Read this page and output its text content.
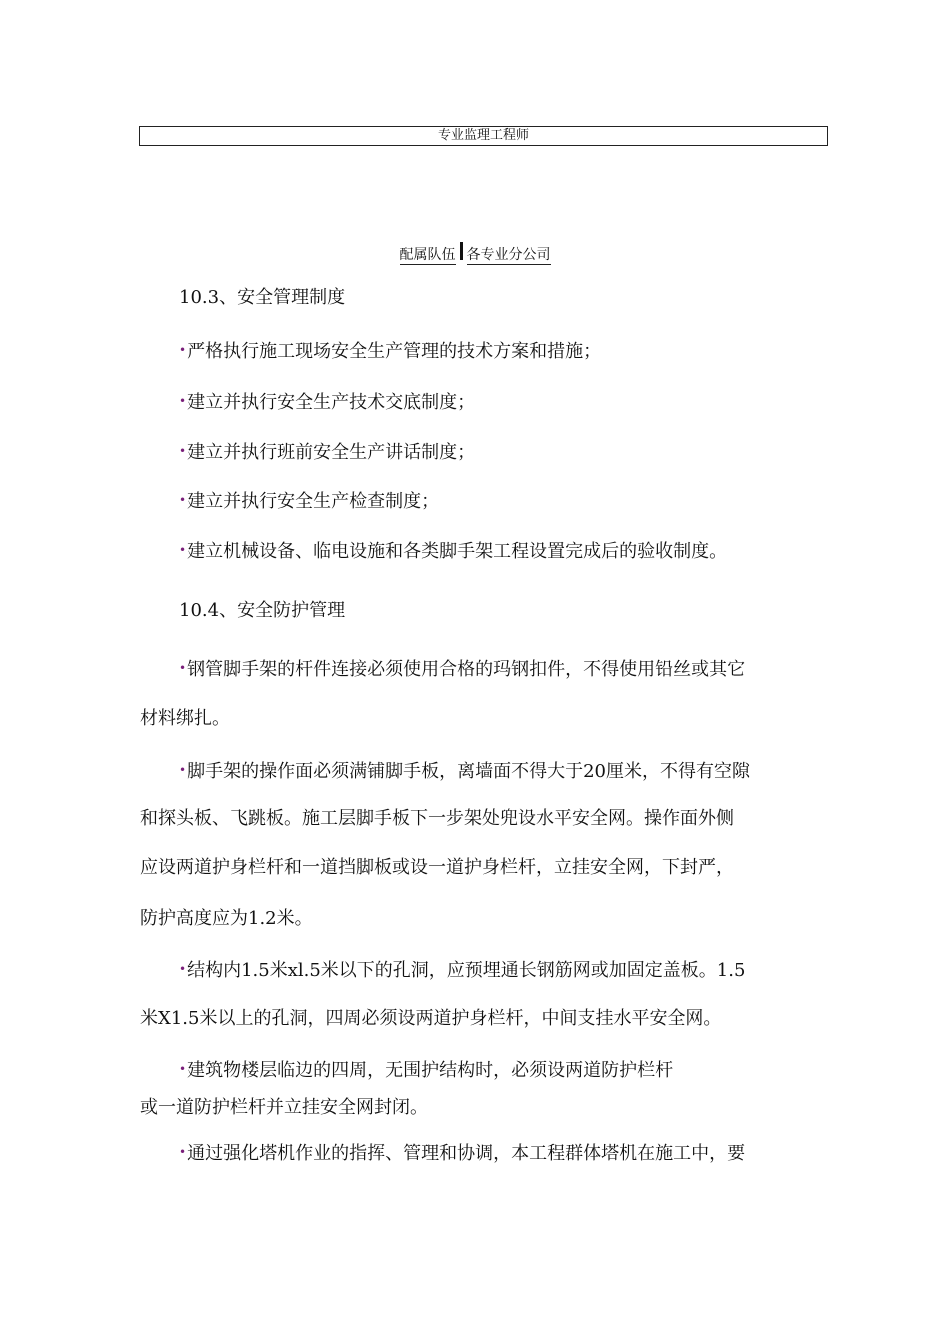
专业监理工程师
配属队伍 各专业分公司
10.3、安全管理制度
•严格执行施工现场安全生产管理的技术方案和措施；
•建立并执行安全生产技术交底制度；
•建立并执行班前安全生产讲话制度；
•建立并执行安全生产检查制度；
•建立机械设备、临电设施和各类脚手架工程设置完成后的验收制度。
10.4、安全防护管理
•钢管脚手架的杆件连接必须使用合格的玛钢扣件，不得使用铅丝或其它
材料绑扎。
•脚手架的操作面必须满铺脚手板，离墙面不得大于20厘米，不得有空隙
和探头板、飞跳板。施工层脚手板下一步架处兜设水平安全网。操作面外侧
应设两道护身栏杆和一道挡脚板或设一道护身栏杆，立挂安全网，下封严，
防护高度应为1.2米。
•结构内1.5米xl.5米以下的孔洞，应预埋通长钢筋网或加固定盖板。1.5
米X1.5米以上的孔洞，四周必须设两道护身栏杆，中间支挂水平安全网。
•建筑物楼层临边的四周，无围护结构时，必须设两道防护栏杆
或一道防护栏杆并立挂安全网封闭。
•通过强化塔机作业的指挥、管理和协调，本工程群体塔机在施工中，要
